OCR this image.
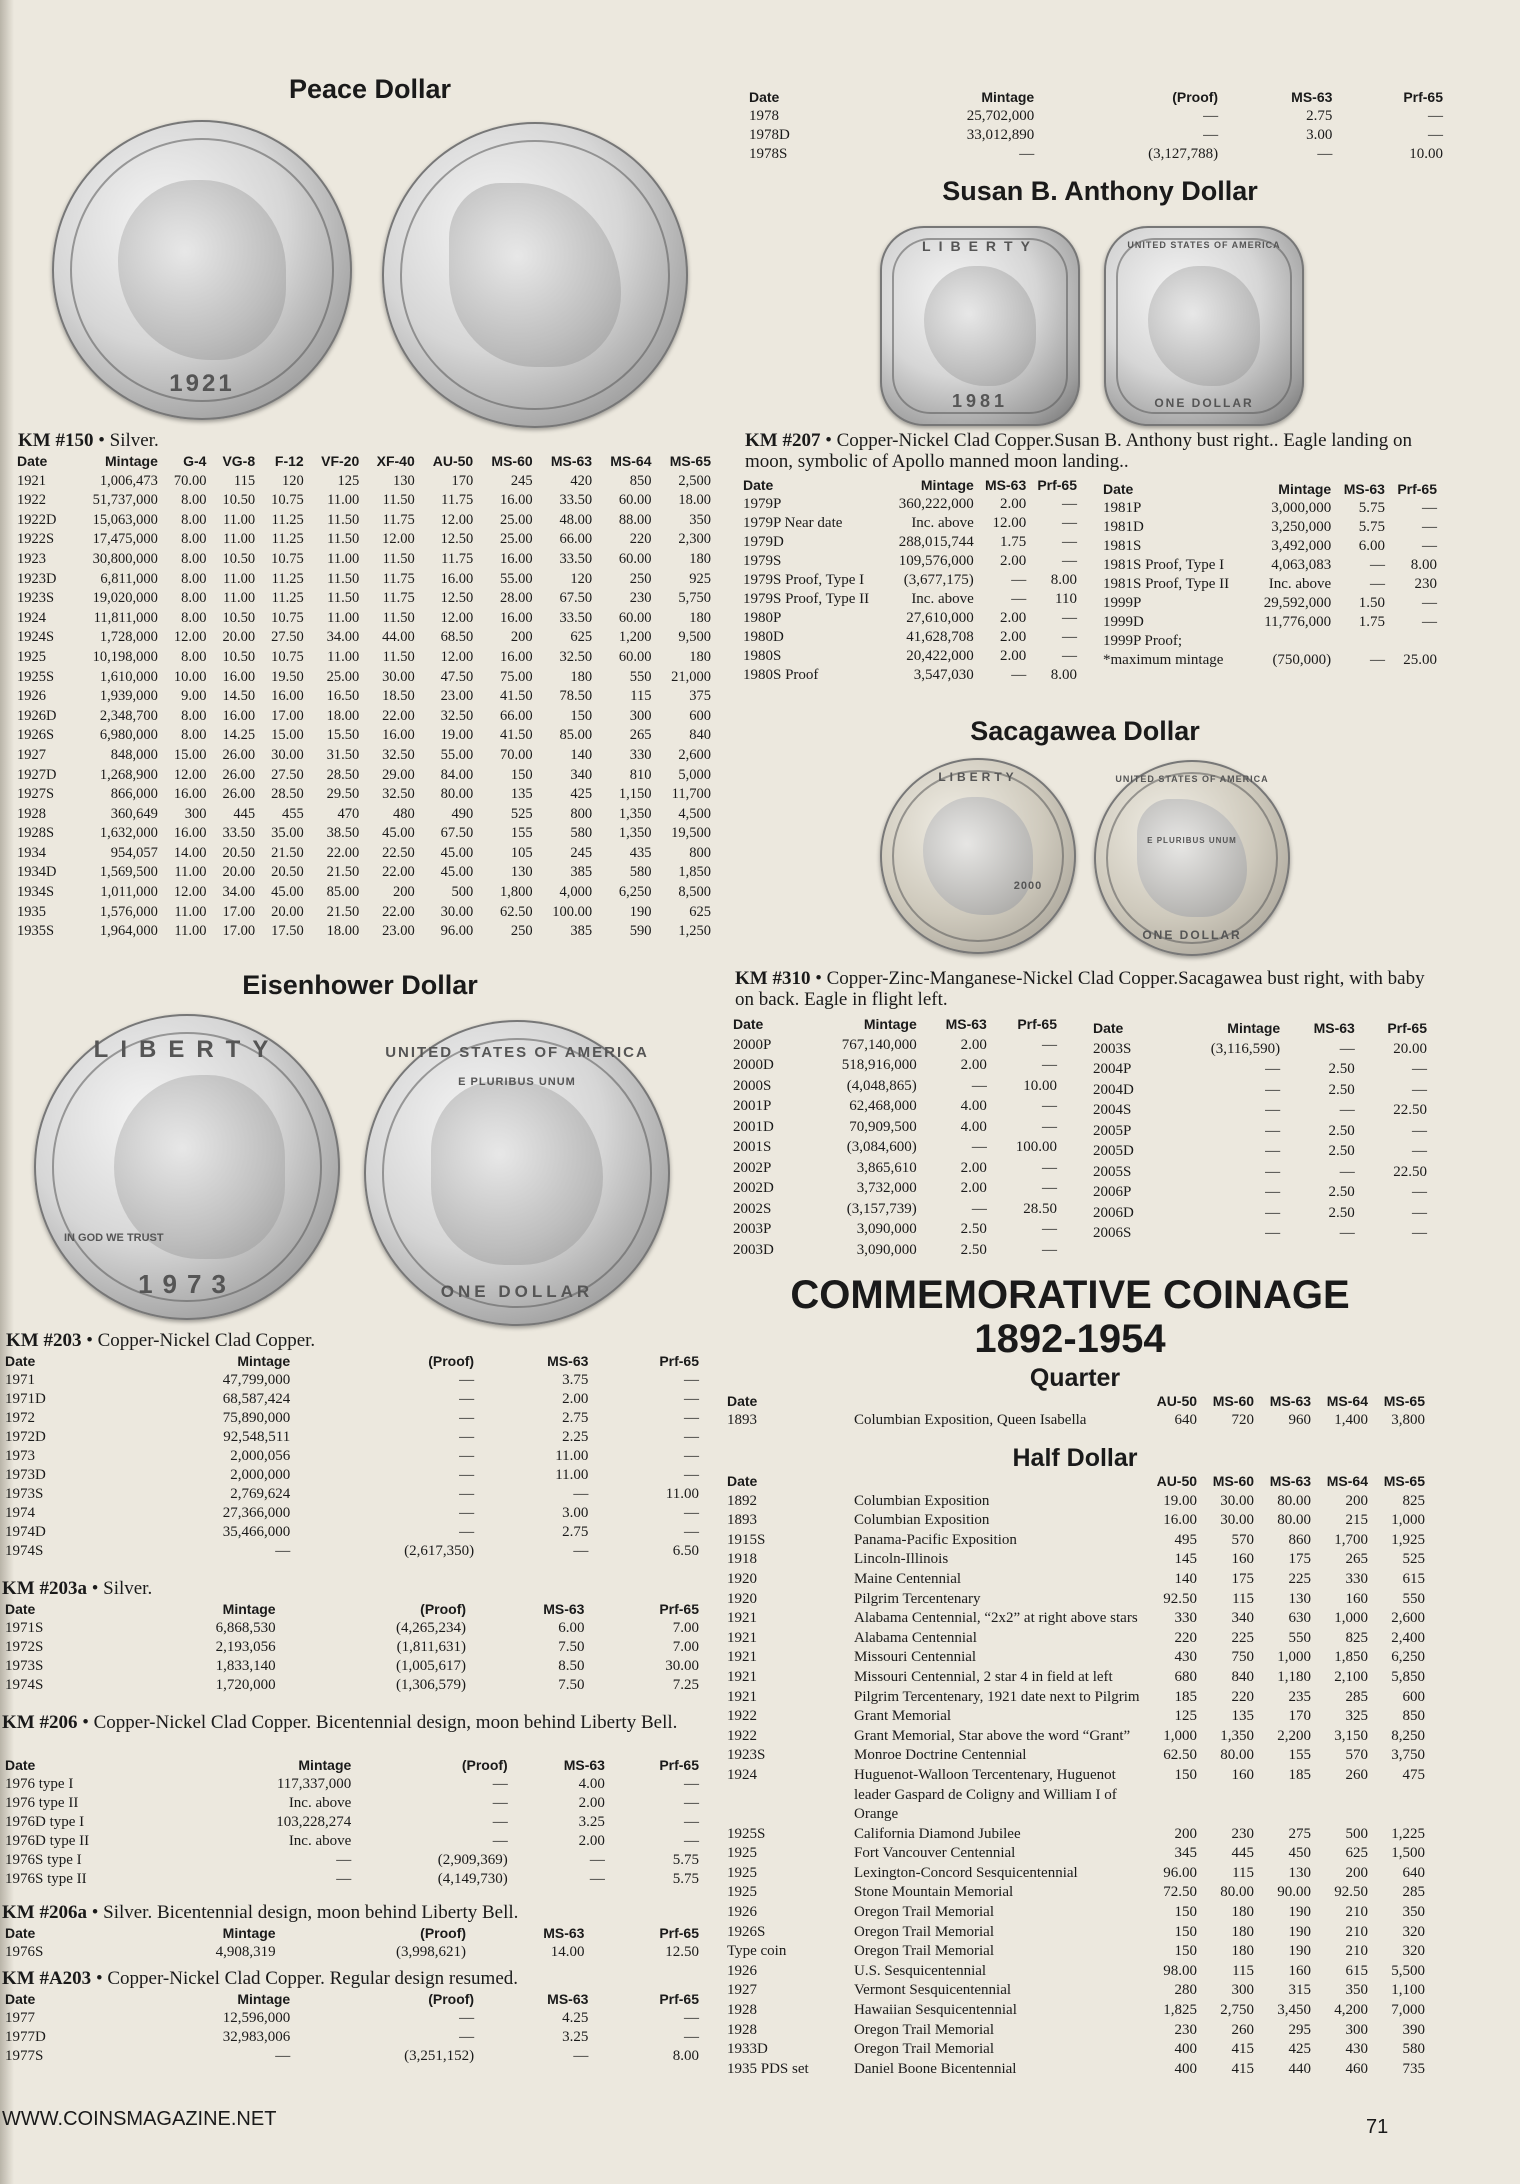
Peace Dollar
1921
KM #150 • Silver.
Date	Mintage	G-4	VG-8	F-12	VF-20	XF-40	AU-50	MS-60	MS-63	MS-64	MS-65
1921	1,006,473	70.00	115	120	125	130	170	245	420	850	2,500
1922	51,737,000	8.00	10.50	10.75	11.00	11.50	11.75	16.00	33.50	60.00	18.00
1922D	15,063,000	8.00	11.00	11.25	11.50	11.75	12.00	25.00	48.00	88.00	350
1922S	17,475,000	8.00	11.00	11.25	11.50	12.00	12.50	25.00	66.00	220	2,300
1923	30,800,000	8.00	10.50	10.75	11.00	11.50	11.75	16.00	33.50	60.00	180
1923D	6,811,000	8.00	11.00	11.25	11.50	11.75	16.00	55.00	120	250	925
1923S	19,020,000	8.00	11.00	11.25	11.50	11.75	12.50	28.00	67.50	230	5,750
1924	11,811,000	8.00	10.50	10.75	11.00	11.50	12.00	16.00	33.50	60.00	180
1924S	1,728,000	12.00	20.00	27.50	34.00	44.00	68.50	200	625	1,200	9,500
1925	10,198,000	8.00	10.50	10.75	11.00	11.50	12.00	16.00	32.50	60.00	180
1925S	1,610,000	10.00	16.00	19.50	25.00	30.00	47.50	75.00	180	550	21,000
1926	1,939,000	9.00	14.50	16.00	16.50	18.50	23.00	41.50	78.50	115	375
1926D	2,348,700	8.00	16.00	17.00	18.00	22.00	32.50	66.00	150	300	600
1926S	6,980,000	8.00	14.25	15.00	15.50	16.00	19.00	41.50	85.00	265	840
1927	848,000	15.00	26.00	30.00	31.50	32.50	55.00	70.00	140	330	2,600
1927D	1,268,900	12.00	26.00	27.50	28.50	29.00	84.00	150	340	810	5,000
1927S	866,000	16.00	26.00	28.50	29.50	32.50	80.00	135	425	1,150	11,700
1928	360,649	300	445	455	470	480	490	525	800	1,350	4,500
1928S	1,632,000	16.00	33.50	35.00	38.50	45.00	67.50	155	580	1,350	19,500
1934	954,057	14.00	20.50	21.50	22.00	22.50	45.00	105	245	435	800
1934D	1,569,500	11.00	20.00	20.50	21.50	22.00	45.00	130	385	580	1,850
1934S	1,011,000	12.00	34.00	45.00	85.00	200	500	1,800	4,000	6,250	8,500
1935	1,576,000	11.00	17.00	20.00	21.50	22.00	30.00	62.50	100.00	190	625
1935S	1,964,000	11.00	17.00	17.50	18.00	23.00	96.00	250	385	590	1,250
Eisenhower Dollar
LIBERTY
IN GOD WE TRUST
1973
UNITED STATES OF AMERICA
E PLURIBUS UNUM
ONE DOLLAR
KM #203 • Copper-Nickel Clad Copper.
Date	Mintage	(Proof)	MS-63	Prf-65
1971	47,799,000	—	3.75	—
1971D	68,587,424	—	2.00	—
1972	75,890,000	—	2.75	—
1972D	92,548,511	—	2.25	—
1973	2,000,056	—	11.00	—
1973D	2,000,000	—	11.00	—
1973S	2,769,624	—	—	11.00
1974	27,366,000	—	3.00	—
1974D	35,466,000	—	2.75	—
1974S	—	(2,617,350)	—	6.50
KM #203a • Silver.
Date	Mintage	(Proof)	MS-63	Prf-65
1971S	6,868,530	(4,265,234)	6.00	7.00
1972S	2,193,056	(1,811,631)	7.50	7.00
1973S	1,833,140	(1,005,617)	8.50	30.00
1974S	1,720,000	(1,306,579)	7.50	7.25
KM #206 • Copper-Nickel Clad Copper. Bicentennial design, moon behind Liberty Bell.
Date	Mintage	(Proof)	MS-63	Prf-65
1976 type I	117,337,000	—	4.00	—
1976 type II	Inc. above	—	2.00	—
1976D type I	103,228,274	—	3.25	—
1976D type II	Inc. above	—	2.00	—
1976S type I	—	(2,909,369)	—	5.75
1976S type II	—	(4,149,730)	—	5.75
KM #206a • Silver. Bicentennial design, moon behind Liberty Bell.
Date	Mintage	(Proof)	MS-63	Prf-65
1976S	4,908,319	(3,998,621)	14.00	12.50
KM #A203 • Copper-Nickel Clad Copper. Regular design resumed.
Date	Mintage	(Proof)	MS-63	Prf-65
1977	12,596,000	—	4.25	—
1977D	32,983,006	—	3.25	—
1977S	—	(3,251,152)	—	8.00
Date	Mintage	(Proof)	MS-63	Prf-65
1978	25,702,000	—	2.75	—
1978D	33,012,890	—	3.00	—
1978S	—	(3,127,788)	—	10.00
Susan B. Anthony Dollar
LIBERTY
1981
UNITED STATES OF AMERICA
ONE DOLLAR
KM #207 • Copper-Nickel Clad Copper.Susan B. Anthony bust right.. Eagle landing on moon, symbolic of Apollo manned moon landing..
Date	Mintage	MS-63	Prf-65
1979P	360,222,000	2.00	—
1979P Near date	Inc. above	12.00	—
1979D	288,015,744	1.75	—
1979S	109,576,000	2.00	—
1979S Proof, Type I	(3,677,175)	—	8.00
1979S Proof, Type II	Inc. above	—	110
1980P	27,610,000	2.00	—
1980D	41,628,708	2.00	—
1980S	20,422,000	2.00	—
1980S Proof	3,547,030	—	8.00
Date	Mintage	MS-63	Prf-65
1981P	3,000,000	5.75	—
1981D	3,250,000	5.75	—
1981S	3,492,000	6.00	—
1981S Proof, Type I	4,063,083	—	8.00
1981S Proof, Type II	Inc. above	—	230
1999P	29,592,000	1.50	—
1999D	11,776,000	1.75	—
1999P Proof;			
*maximum mintage	(750,000)	—	25.00
Sacagawea Dollar
LIBERTY
2000
UNITED STATES OF AMERICA
E PLURIBUS UNUM
ONE DOLLAR
KM #310 • Copper-Zinc-Manganese-Nickel Clad Copper.Sacagawea bust right, with baby on back. Eagle in flight left.
Date	Mintage	MS-63	Prf-65
2000P	767,140,000	2.00	—
2000D	518,916,000	2.00	—
2000S	(4,048,865)	—	10.00
2001P	62,468,000	4.00	—
2001D	70,909,500	4.00	—
2001S	(3,084,600)	—	100.00
2002P	3,865,610	2.00	—
2002D	3,732,000	2.00	—
2002S	(3,157,739)	—	28.50
2003P	3,090,000	2.50	—
2003D	3,090,000	2.50	—
Date	Mintage	MS-63	Prf-65
2003S	(3,116,590)	—	20.00
2004P	—	2.50	—
2004D	—	2.50	—
2004S	—	—	22.50
2005P	—	2.50	—
2005D	—	2.50	—
2005S	—	—	22.50
2006P	—	2.50	—
2006D	—	2.50	—
2006S	—	—	—
COMMEMORATIVE COINAGE
1892-1954
Quarter
Date		AU-50	MS-60	MS-63	MS-64	MS-65
1893	Columbian Exposition, Queen Isabella	640	720	960	1,400	3,800
Half Dollar
Date		AU-50	MS-60	MS-63	MS-64	MS-65
1892	Columbian Exposition	19.00	30.00	80.00	200	825
1893	Columbian Exposition	16.00	30.00	80.00	215	1,000
1915S	Panama-Pacific Exposition	495	570	860	1,700	1,925
1918	Lincoln-Illinois	145	160	175	265	525
1920	Maine Centennial	140	175	225	330	615
1920	Pilgrim Tercentenary	92.50	115	130	160	550
1921	Alabama Centennial, “2x2” at right above stars	330	340	630	1,000	2,600
1921	Alabama Centennial	220	225	550	825	2,400
1921	Missouri Centennial	430	750	1,000	1,850	6,250
1921	Missouri Centennial, 2 star 4 in field at left	680	840	1,180	2,100	5,850
1921	Pilgrim Tercentenary, 1921 date next to Pilgrim	185	220	235	285	600
1922	Grant Memorial	125	135	170	325	850
1922	Grant Memorial, Star above the word “Grant”	1,000	1,350	2,200	3,150	8,250
1923S	Monroe Doctrine Centennial	62.50	80.00	155	570	3,750
1924	Huguenot-Walloon Tercentenary, Huguenot leader Gaspard de Coligny and William I of Orange	150	160	185	260	475
1925S	California Diamond Jubilee	200	230	275	500	1,225
1925	Fort Vancouver Centennial	345	445	450	625	1,500
1925	Lexington-Concord Sesquicentennial	96.00	115	130	200	640
1925	Stone Mountain Memorial	72.50	80.00	90.00	92.50	285
1926	Oregon Trail Memorial	150	180	190	210	350
1926S	Oregon Trail Memorial	150	180	190	210	320
Type coin	Oregon Trail Memorial	150	180	190	210	320
1926	U.S. Sesquicentennial	98.00	115	160	615	5,500
1927	Vermont Sesquicentennial	280	300	315	350	1,100
1928	Hawaiian Sesquicentennial	1,825	2,750	3,450	4,200	7,000
1928	Oregon Trail Memorial	230	260	295	300	390
1933D	Oregon Trail Memorial	400	415	425	430	580
1935 PDS set	Daniel Boone Bicentennial	400	415	440	460	735
WWW.COINSMAGAZINE.NET	71
